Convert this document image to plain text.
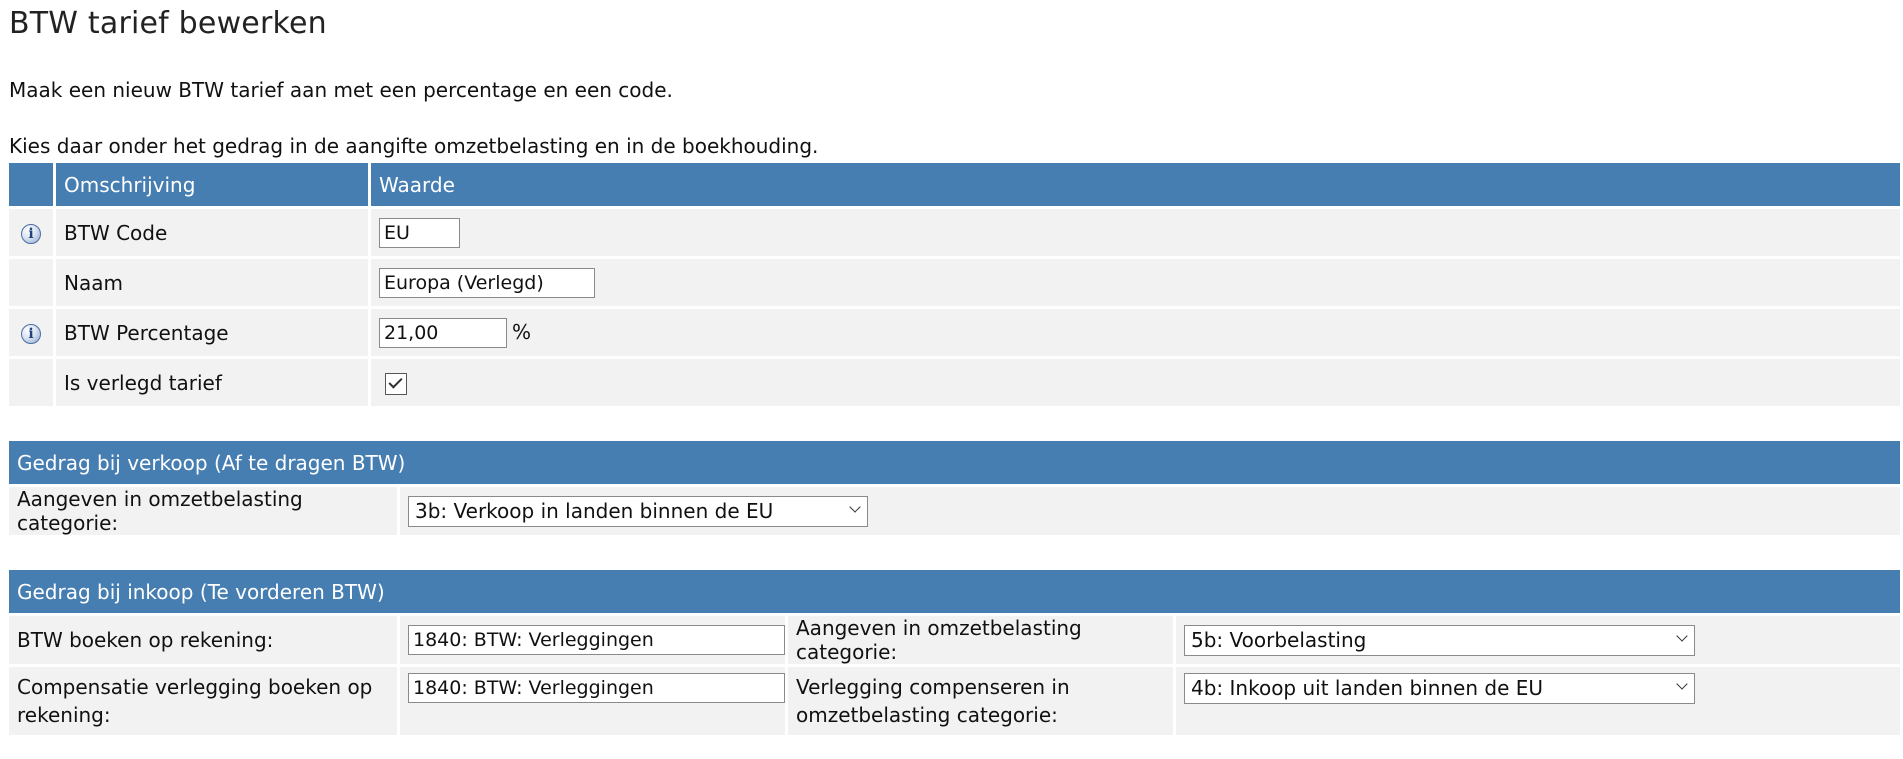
BTW tarief bewerken

Maak een nieuw BTW tarief aan met een percentage en een code.

Kies daar onder het gedrag in de aangifte omzetbelasting en in de boekhouding.

	Omschrijving	Waarde
i	BTW Code	EU
	Naam	Europa (Verlegd)
i	BTW Percentage	21,00%
	Is verlegd tarief	
Gedrag bij verkoop (Af te dragen BTW)
Aangeven in omzetbelasting categorie:	3b: Verkoop in landen binnen de EU
Gedrag bij inkoop (Te vorderen BTW)			
BTW boeken op rekening:	1840: BTW: Verleggingen	Aangeven in omzetbelasting categorie:	5b: Voorbelasting

Compensatie verlegging boeken op rekening:	1840: BTW: Verleggingen	Verlegging compenseren in omzetbelasting categorie:	4b: Inkoop uit landen binnen de EU
